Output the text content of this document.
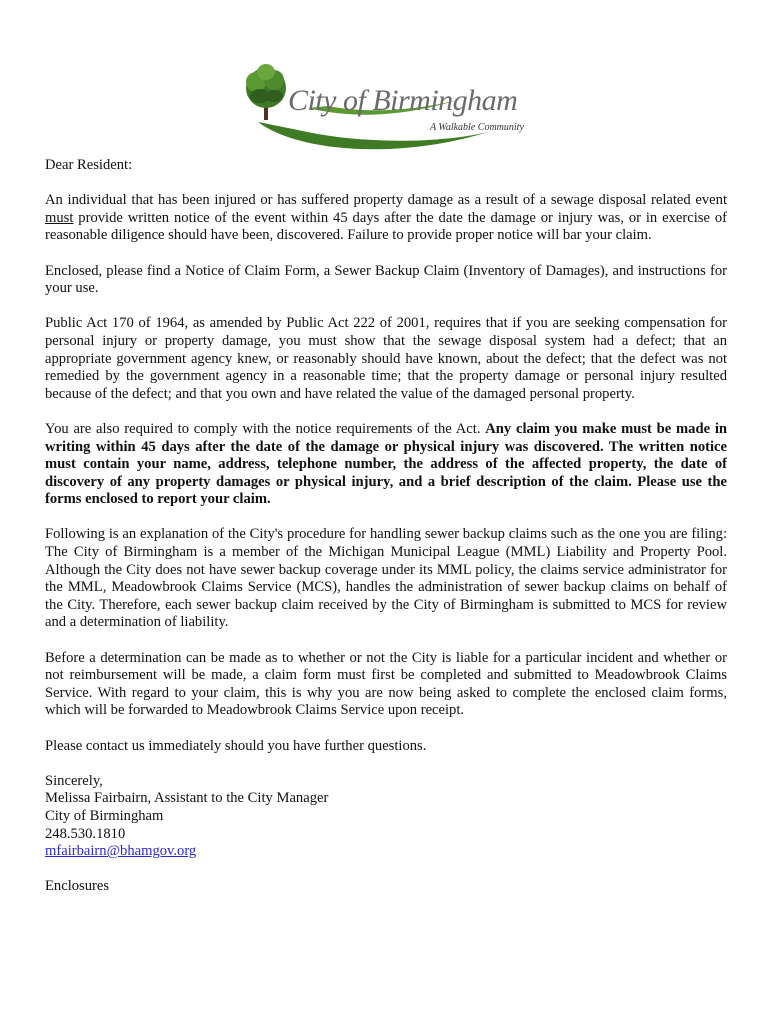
City of Birmingham
A Walkable Community

Dear Resident:

An individual that has been injured or has suffered property damage as a result of a sewage disposal related event must provide written notice of the event within 45 days after the date the damage or injury was, or in exercise of reasonable diligence should have been, discovered. Failure to provide proper notice will bar your claim.

Enclosed, please find a Notice of Claim Form, a Sewer Backup Claim (Inventory of Damages), and instructions for your use.

Public Act 170 of 1964, as amended by Public Act 222 of 2001, requires that if you are seeking compensation for personal injury or property damage, you must show that the sewage disposal system had a defect; that an appropriate government agency knew, or reasonably should have known, about the defect; that the defect was not remedied by the government agency in a reasonable time; that the property damage or personal injury resulted because of the defect; and that you own and have related the value of the damaged personal property.

You are also required to comply with the notice requirements of the Act. Any claim you make must be made in writing within 45 days after the date of the damage or physical injury was discovered. The written notice must contain your name, address, telephone number, the address of the affected property, the date of discovery of any property damages or physical injury, and a brief description of the claim. Please use the forms enclosed to report your claim.

Following is an explanation of the City's procedure for handling sewer backup claims such as the one you are filing: The City of Birmingham is a member of the Michigan Municipal League (MML) Liability and Property Pool. Although the City does not have sewer backup coverage under its MML policy, the claims service administrator for the MML, Meadowbrook Claims Service (MCS), handles the administration of sewer backup claims on behalf of the City. Therefore, each sewer backup claim received by the City of Birmingham is submitted to MCS for review and a determination of liability.

Before a determination can be made as to whether or not the City is liable for a particular incident and whether or not reimbursement will be made, a claim form must first be completed and submitted to Meadowbrook Claims Service. With regard to your claim, this is why you are now being asked to complete the enclosed claim forms, which will be forwarded to Meadowbrook Claims Service upon receipt.

Please contact us immediately should you have further questions.

Sincerely,
Melissa Fairbairn, Assistant to the City Manager
City of Birmingham
248.530.1810
mfairbairn@bhamgov.org

Enclosures
